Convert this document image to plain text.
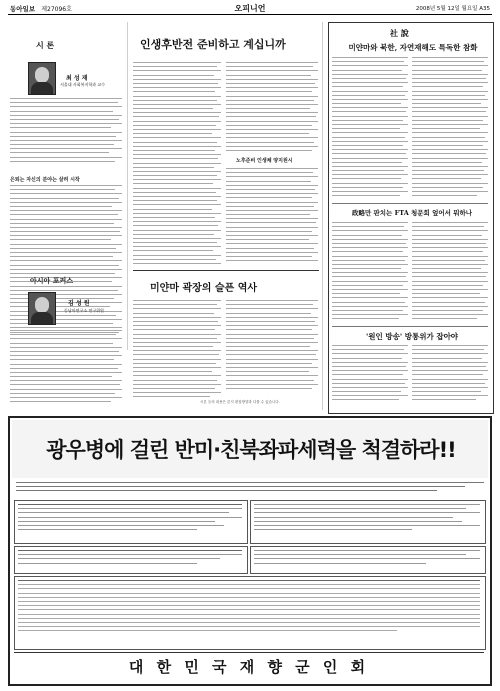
동아일보 제27096호	오피니언	2008년 5월 12일 월요일 A35
시 론
최 성 재
서울대 사회복지학과 교수
은퇴는 자신의 분야는 살려 시작
인생후반전 준비하고 계십니까
노후준비 인생체 양지원시
아시아 포커스
김 성 원
동남아연구소 연구위원
미얀마 곽장의 슬픈 역사
시론 등의 내용은 본지 편집방향과 다를 수 있습니다.
社 說
미얀마와 북한, 자연재해도 특독한 참화
政略만 판치는 FTA 청문회 엎어서 뭐하나
'원인 방송' 방통위가 잡아야
광우병에 걸린 반미·친북좌파세력을 척결하라!!
대 한 민 국 재 향 군 인 회
